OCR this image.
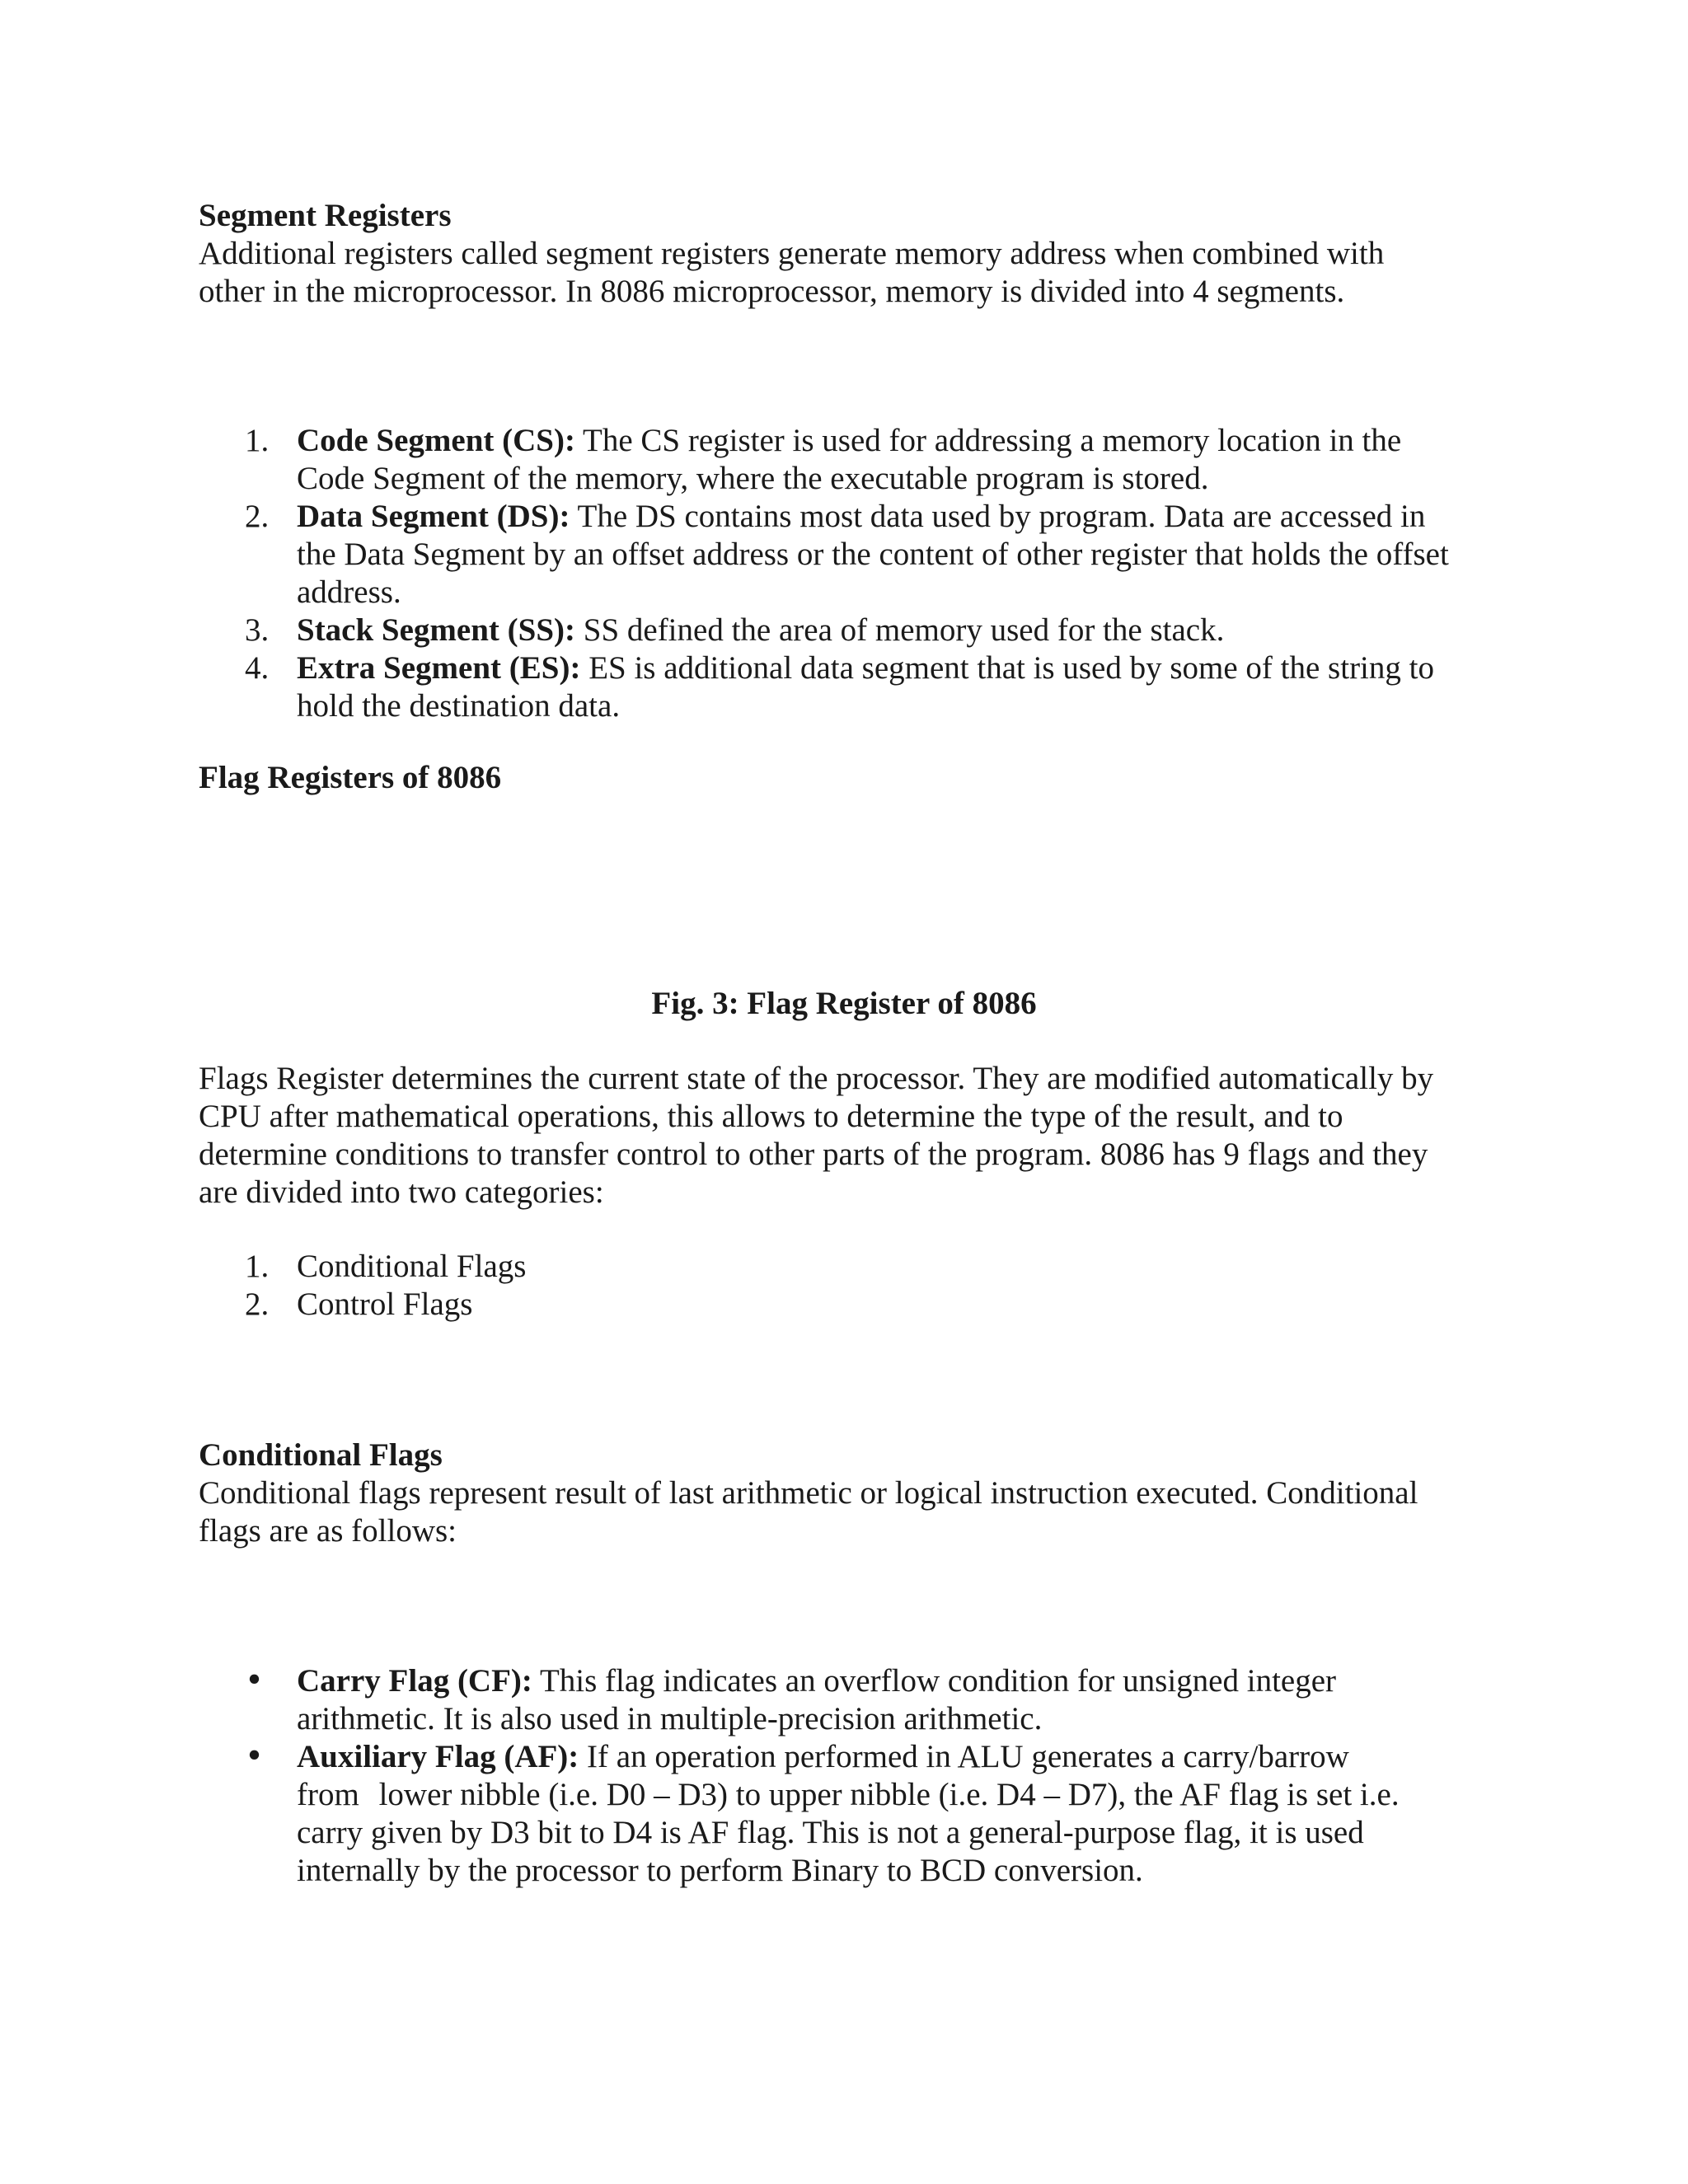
Segment Registers

Additional registers called segment registers generate memory address when combined with

other in the microprocessor. In 8086 microprocessor, memory is divided into 4 segments.

1. Code Segment (CS): The CS register is used for addressing a memory location in the
Code Segment of the memory, where the executable program is stored.
2. Data Segment (DS): The DS contains most data used by program. Data are accessed in
the Data Segment by an offset address or the content of other register that holds the offset
address.
3. Stack Segment (SS): SS defined the area of memory used for the stack.
4. Extra Segment (ES): ES is additional data segment that is used by some of the string to
hold the destination data.

Flag Registers of 8086

Fig. 3: Flag Register of 8086

Flags Register determines the current state of the processor. They are modified automatically by

CPU after mathematical operations, this allows to determine the type of the result, and to

determine conditions to transfer control to other parts of the program. 8086 has 9 flags and they

are divided into two categories:

1. Conditional Flags
2. Control Flags

Conditional Flags

Conditional flags represent result of last arithmetic or logical instruction executed. Conditional

flags are as follows:

•	Carry Flag (CF): This flag indicates an overflow condition for unsigned integer
arithmetic. It is also used in multiple-precision arithmetic.
•	Auxiliary Flag (AF): If an operation performed in ALU generates a carry/barrow
from lower nibble (i.e. D0 – D3) to upper nibble (i.e. D4 – D7), the AF flag is set i.e.
carry given by D3 bit to D4 is AF flag. This is not a general-purpose flag, it is used
internally by the processor to perform Binary to BCD conversion.
